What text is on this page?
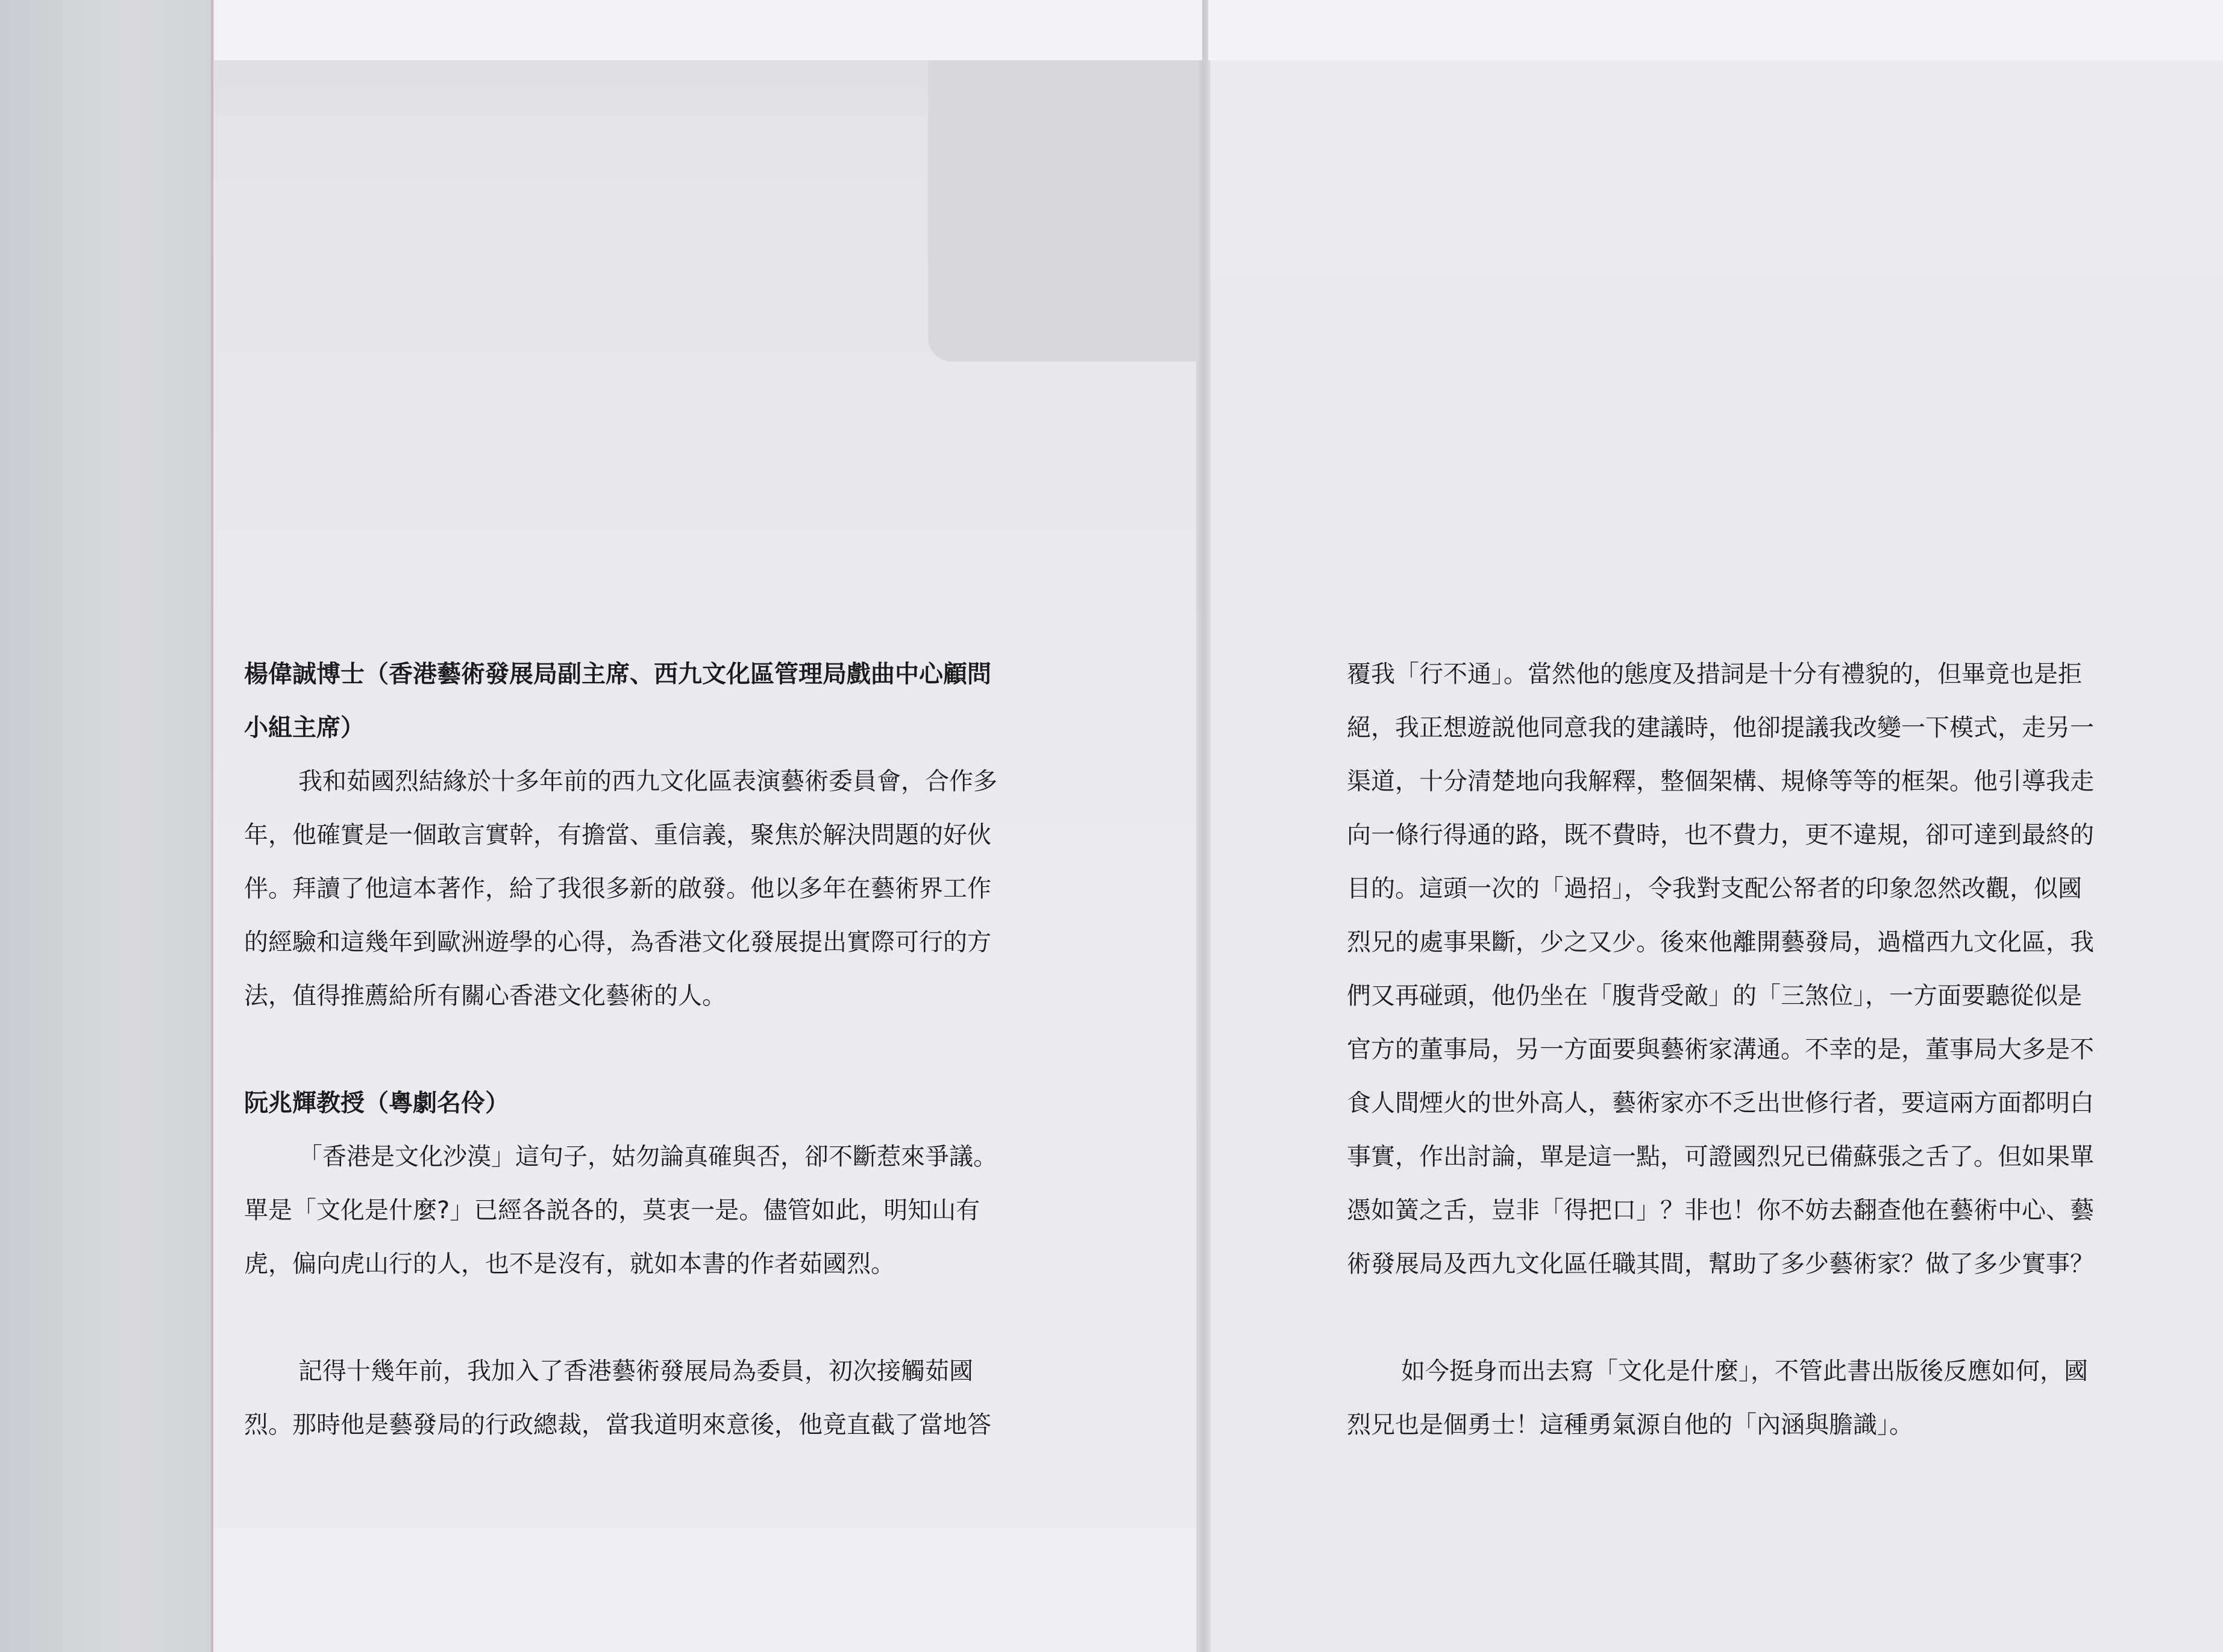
楊偉誠博士（香港藝術發展局副主席、西九文化區管理局戲曲中心顧問

小組主席）

我和茹國烈結緣於十多年前的西九文化區表演藝術委員會，合作多

年，他確實是一個敢言實幹，有擔當、重信義，聚焦於解決問題的好伙

伴。拜讀了他這本著作，給了我很多新的啟發。他以多年在藝術界工作

的經驗和這幾年到歐洲遊學的心得，為香港文化發展提出實際可行的方

法，值得推薦給所有關心香港文化藝術的人。

阮兆輝教授（粵劇名伶）

「香港是文化沙漠」這句子，姑勿論真確與否，卻不斷惹來爭議。

單是「文化是什麼?」已經各説各的，莫衷一是。儘管如此，明知山有

虎，偏向虎山行的人，也不是沒有，就如本書的作者茹國烈。

記得十幾年前，我加入了香港藝術發展局為委員，初次接觸茹國

烈。那時他是藝發局的行政總裁，當我道明來意後，他竟直截了當地答

覆我「行不通」。當然他的態度及措詞是十分有禮貌的，但畢竟也是拒

絕，我正想遊説他同意我的建議時，他卻提議我改變一下模式，走另一

渠道，十分清楚地向我解釋，整個架構、規條等等的框架。他引導我走

向一條行得通的路，既不費時，也不費力，更不違規，卻可達到最終的

目的。這頭一次的「過招」，令我對支配公帑者的印象忽然改觀，似國

烈兄的處事果斷，少之又少。後來他離開藝發局，過檔西九文化區，我

們又再碰頭，他仍坐在「腹背受敵」的「三煞位」，一方面要聽從似是

官方的董事局，另一方面要與藝術家溝通。不幸的是，董事局大多是不

食人間煙火的世外高人，藝術家亦不乏出世修行者，要這兩方面都明白

事實，作出討論，單是這一點，可證國烈兄已備蘇張之舌了。但如果單

憑如簧之舌，豈非「得把口」？非也！你不妨去翻查他在藝術中心、藝

術發展局及西九文化區任職其間，幫助了多少藝術家？做了多少實事？

如今挺身而出去寫「文化是什麼」，不管此書出版後反應如何，國

烈兄也是個勇士！這種勇氣源自他的「內涵與膽識」。
